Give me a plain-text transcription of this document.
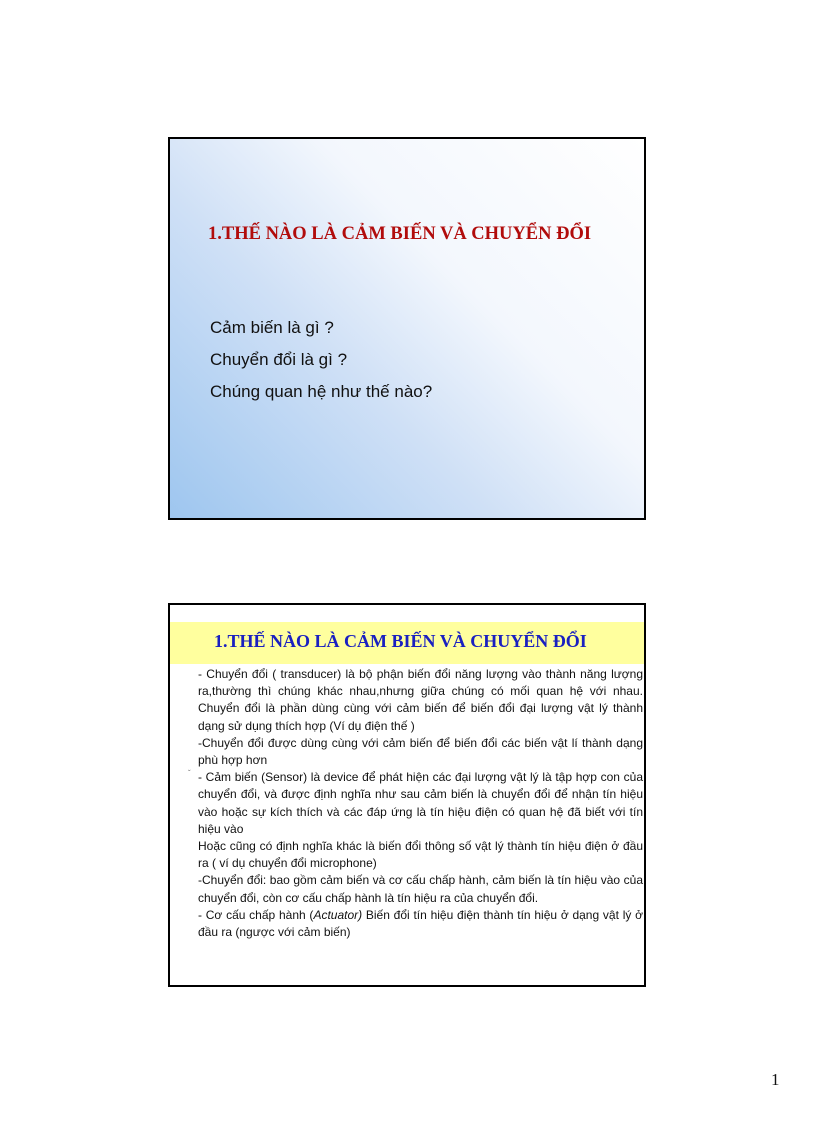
1.THẾ NÀO LÀ CẢM BIẾN VÀ CHUYỂN ĐỔI
Cảm biến là gì ?
Chuyển đổi là gì ?
Chúng quan hệ như thế nào?
1.THẾ NÀO LÀ CẢM BIẾN VÀ CHUYỂN ĐỔI
ˇ

- Chuyển đổi ( transducer) là bộ phận biến đổi năng lượng vào thành năng lượng ra,thường thì chúng khác nhau,nhưng giữa chúng có mối quan hệ với nhau. Chuyển đổi là phần dùng cùng với cảm biến để biến đổi đại lượng vật lý thành dạng sử dụng thích hợp (Ví dụ điện thế )

-Chuyển đổi được dùng cùng với cảm biến để biến đổi các biến vật lí thành dạng phù hợp hơn

- Cảm biến (Sensor) là device để phát hiện các đại lượng vật lý là tập hợp con của chuyển đổi, và được định nghĩa như sau cảm biến là chuyển đổi để nhận tín hiệu vào hoặc sự kích thích và các đáp ứng là tín hiệu điện có quan hệ đã biết với tín hiệu vào

Hoặc cũng có định nghĩa khác là biến đổi thông số vật lý thành tín hiệu điện ở đầu ra ( ví dụ chuyển đổi microphone)

-Chuyển đổi: bao gồm cảm biến và cơ cấu chấp hành, cảm biến là tín hiệu vào của chuyển đổi, còn cơ cấu chấp hành là tín hiệu ra của chuyển đổi.

- Cơ cấu chấp hành (Actuator) Biến đổi tín hiệu điện thành tín hiệu ở dạng vật lý ở đầu ra (ngược với cảm biến)

1
